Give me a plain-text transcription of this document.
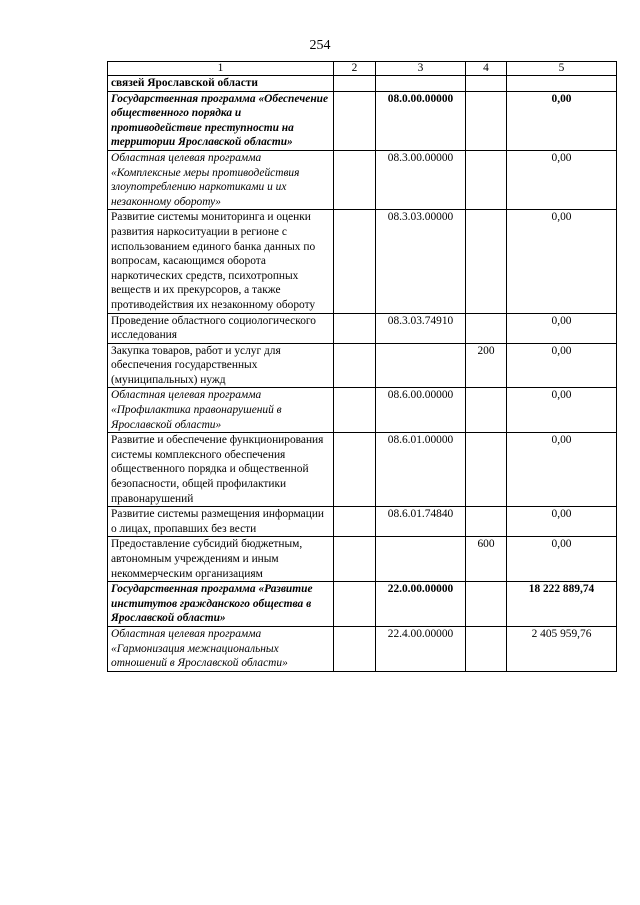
254
1	2	3	4	5
связей Ярославской области				
Государственная программа «Обеспечение общественного порядка и противодействие преступности на территории Ярославской области»		08.0.00.00000		0,00
Областная целевая программа «Комплексные меры противодействия злоупотреблению наркотиками и их незаконному обороту»		08.3.00.00000		0,00
Развитие системы мониторинга и оценки развития наркоситуации в регионе с использованием единого банка данных по вопросам, касающимся оборота наркотических средств, психотропных веществ и их прекурсоров, а также противодействия их незаконному обороту		08.3.03.00000		0,00
Проведение областного социологического исследования		08.3.03.74910		0,00
Закупка товаров, работ и услуг для обеспечения государственных (муниципальных) нужд			200	0,00
Областная целевая программа «Профилактика правонарушений в Ярославской области»		08.6.00.00000		0,00
Развитие и обеспечение функционирования системы комплексного обеспечения общественного порядка и общественной безопасности, общей профилактики правонарушений		08.6.01.00000		0,00
Развитие системы размещения информации о лицах, пропавших без вести		08.6.01.74840		0,00
Предоставление субсидий бюджетным, автономным учреждениям и иным некоммерческим организациям			600	0,00
Государственная программа «Развитие институтов гражданского общества в Ярославской области»		22.0.00.00000		18 222 889,74
Областная целевая программа «Гармонизация межнациональных отношений в Ярославской области»		22.4.00.00000		2 405 959,76
